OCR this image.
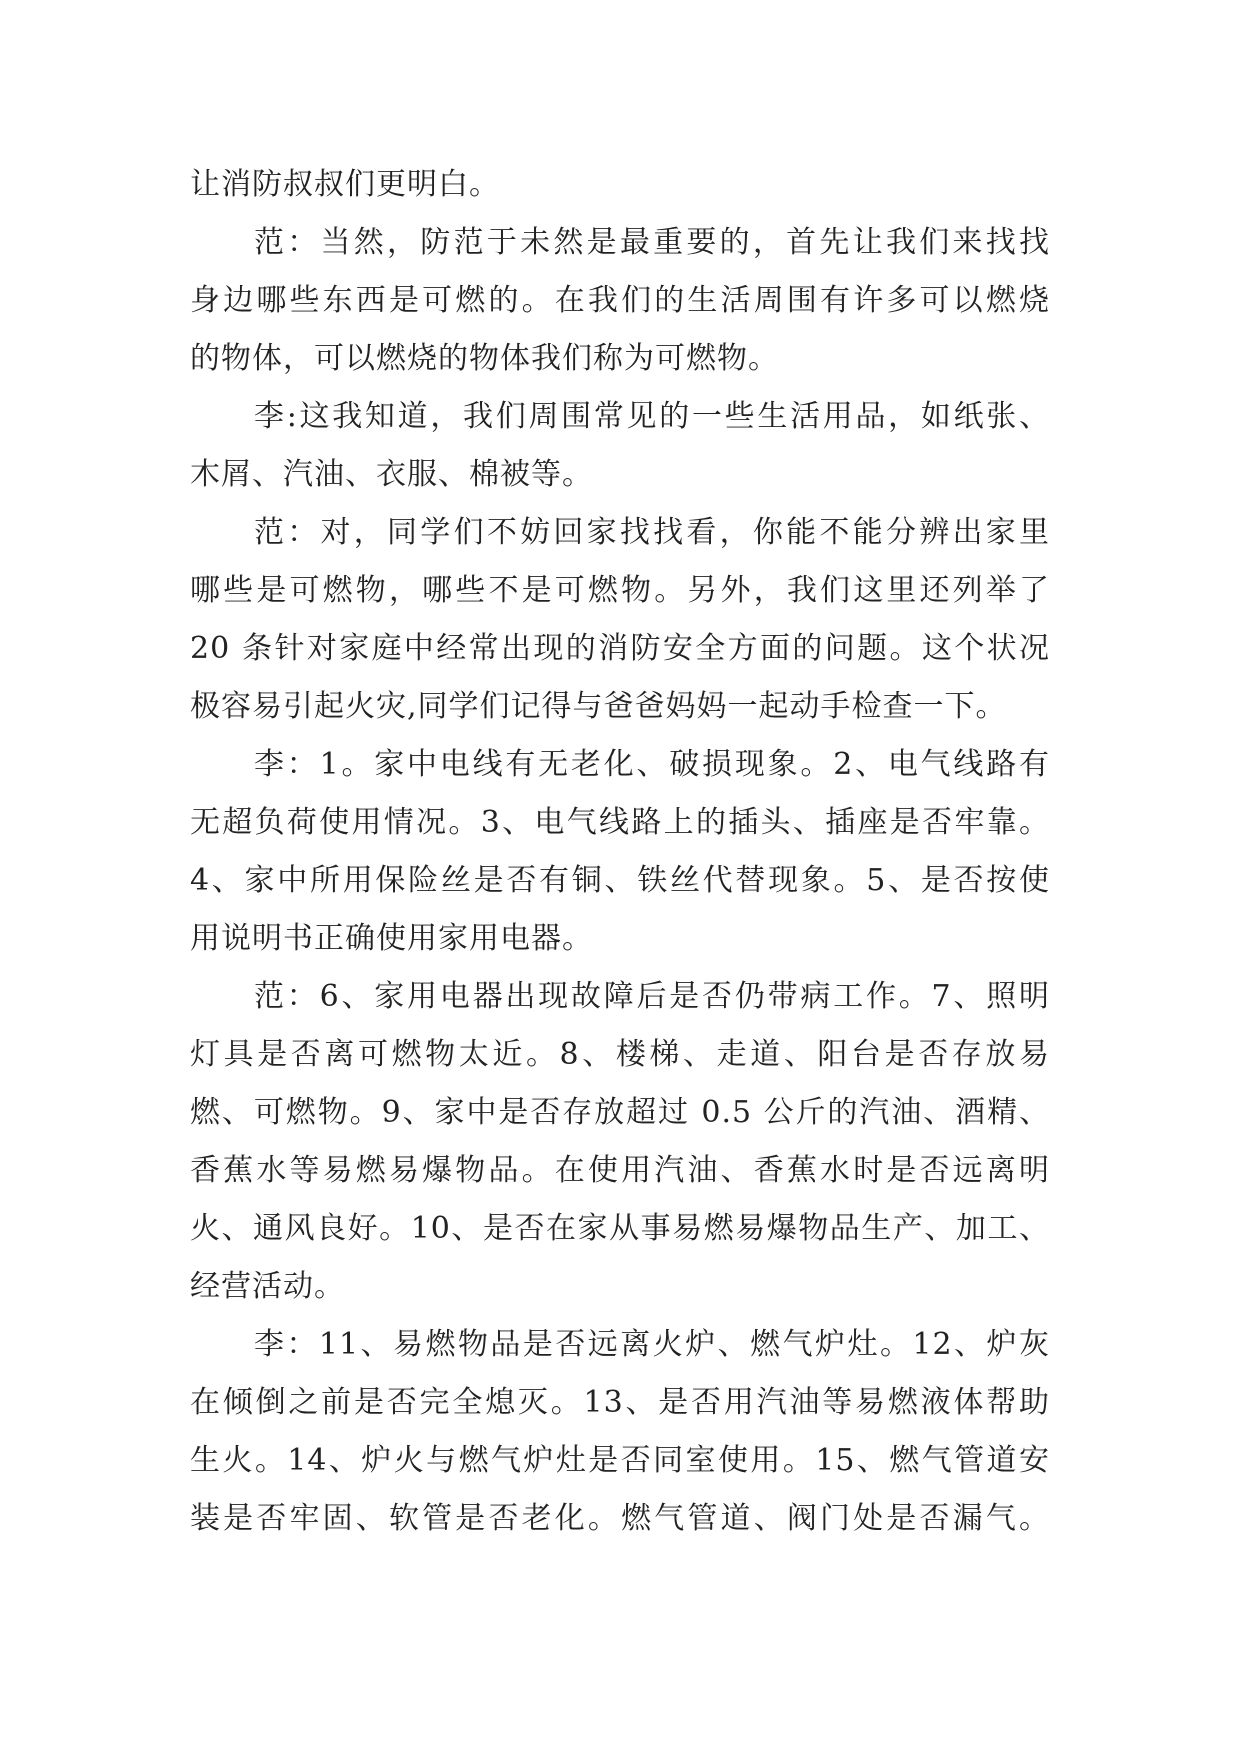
让消防叔叔们更明白。
范：当然，防范于未然是最重要的，首先让我们来找找
身边哪些东西是可燃的。在我们的生活周围有许多可以燃烧
的物体，可以燃烧的物体我们称为可燃物。
李:这我知道，我们周围常见的一些生活用品，如纸张、
木屑、汽油、衣服、棉被等。
范：对，同学们不妨回家找找看，你能不能分辨出家里
哪些是可燃物，哪些不是可燃物。另外，我们这里还列举了
20 条针对家庭中经常出现的消防安全方面的问题。这个状况
极容易引起火灾,同学们记得与爸爸妈妈一起动手检查一下。
李：1。家中电线有无老化、破损现象。2、电气线路有
无超负荷使用情况。3、电气线路上的插头、插座是否牢靠。
4、家中所用保险丝是否有铜、铁丝代替现象。5、是否按使
用说明书正确使用家用电器。
范：6、家用电器出现故障后是否仍带病工作。7、照明
灯具是否离可燃物太近。8、楼梯、走道、阳台是否存放易
燃、可燃物。9、家中是否存放超过 0.5 公斤的汽油、酒精、
香蕉水等易燃易爆物品。在使用汽油、香蕉水时是否远离明
火、通风良好。10、是否在家从事易燃易爆物品生产、加工、
经营活动。
李：11、易燃物品是否远离火炉、燃气炉灶。12、炉灰
在倾倒之前是否完全熄灭。13、是否用汽油等易燃液体帮助
生火。14、炉火与燃气炉灶是否同室使用。15、燃气管道安
装是否牢固、软管是否老化。燃气管道、阀门处是否漏气。
